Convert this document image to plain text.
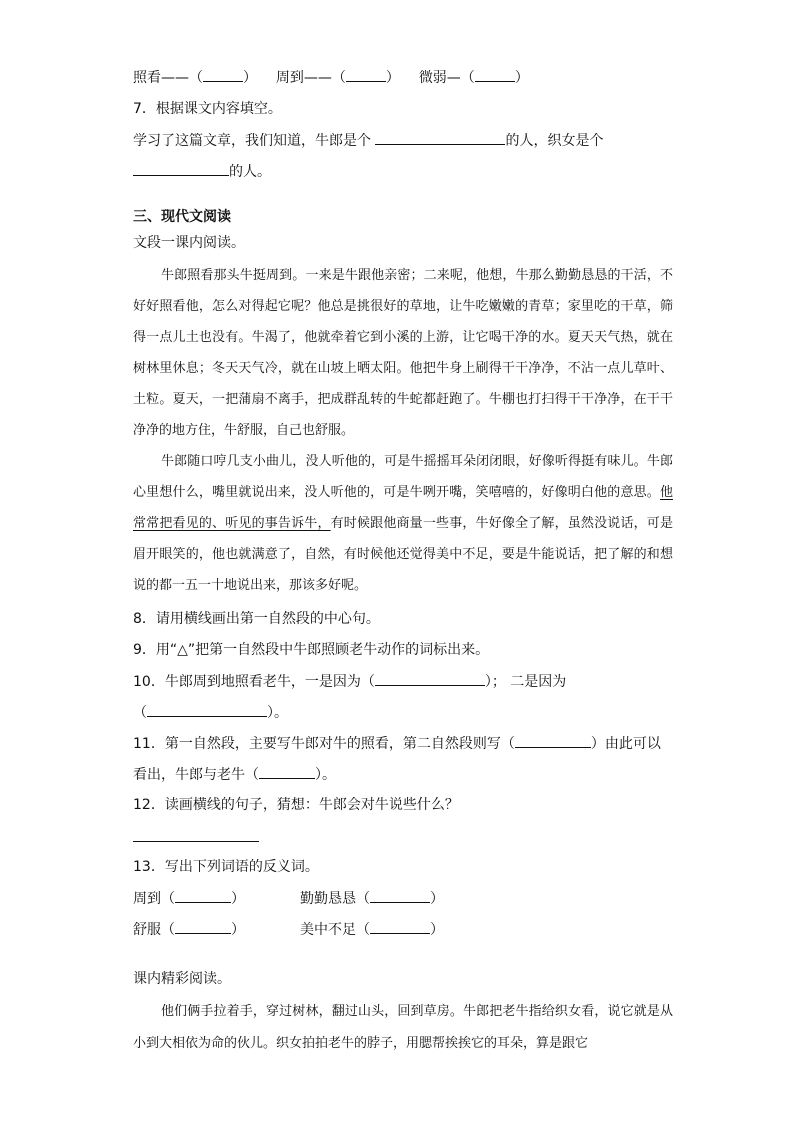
照看——（	） 周到——（	） 微弱—（	）
7．根据课文内容填空。
学习了这篇文章，我们知道，牛郎是个	的人，织女是个
的人。
三、现代文阅读
文段一课内阅读。

牛郎照看那头牛挺周到。一来是牛跟他亲密；二来呢，他想，牛那么勤勤恳恳的干活，不好好照看他，怎么对得起它呢？他总是挑很好的草地，让牛吃嫩嫩的青草；家里吃的干草，筛得一点儿土也没有。牛渴了，他就牵着它到小溪的上游，让它喝干净的水。夏天天气热，就在树林里休息；冬天天气冷，就在山坡上晒太阳。他把牛身上刷得干干净净，不沾一点儿草叶、土粒。夏天，一把蒲扇不离手，把成群乱转的牛蛇都赶跑了。牛棚也打扫得干干净净，在干干净净的地方住，牛舒服，自己也舒服。

牛郎随口哼几支小曲儿，没人听他的，可是牛摇摇耳朵闭闭眼，好像听得挺有味儿。牛郎心里想什么，嘴里就说出来，没人听他的，可是牛咧开嘴，笑嘻嘻的，好像明白他的意思。他常常把看见的、听见的事告诉牛，有时候跟他商量一些事，牛好像全了解，虽然没说话，可是眉开眼笑的，他也就满意了，自然，有时候他还觉得美中不足，要是牛能说话，把了解的和想说的都一五一十地说出来，那该多好呢。

8．请用横线画出第一自然段的中心句。
9．用“△”把第一自然段中牛郎照顾老牛动作的词标出来。
10．牛郎周到地照看老牛，一是因为（	）； 二是因为
（	）。
11．第一自然段，主要写牛郎对牛的照看，第二自然段则写（	）由此可以
看出，牛郎与老牛（	）。
12．读画横线的句子，猜想：牛郎会对牛说些什么？
13．写出下列词语的反义词。
周到（	）	勤勤恳恳（	）
舒服（	）	美中不足（	）
课内精彩阅读。

他们俩手拉着手，穿过树林，翻过山头，回到草房。牛郎把老牛指给织女看，说它就是从小到大相依为命的伙儿。织女拍拍老牛的脖子，用腮帮挨挨它的耳朵，算是跟它
